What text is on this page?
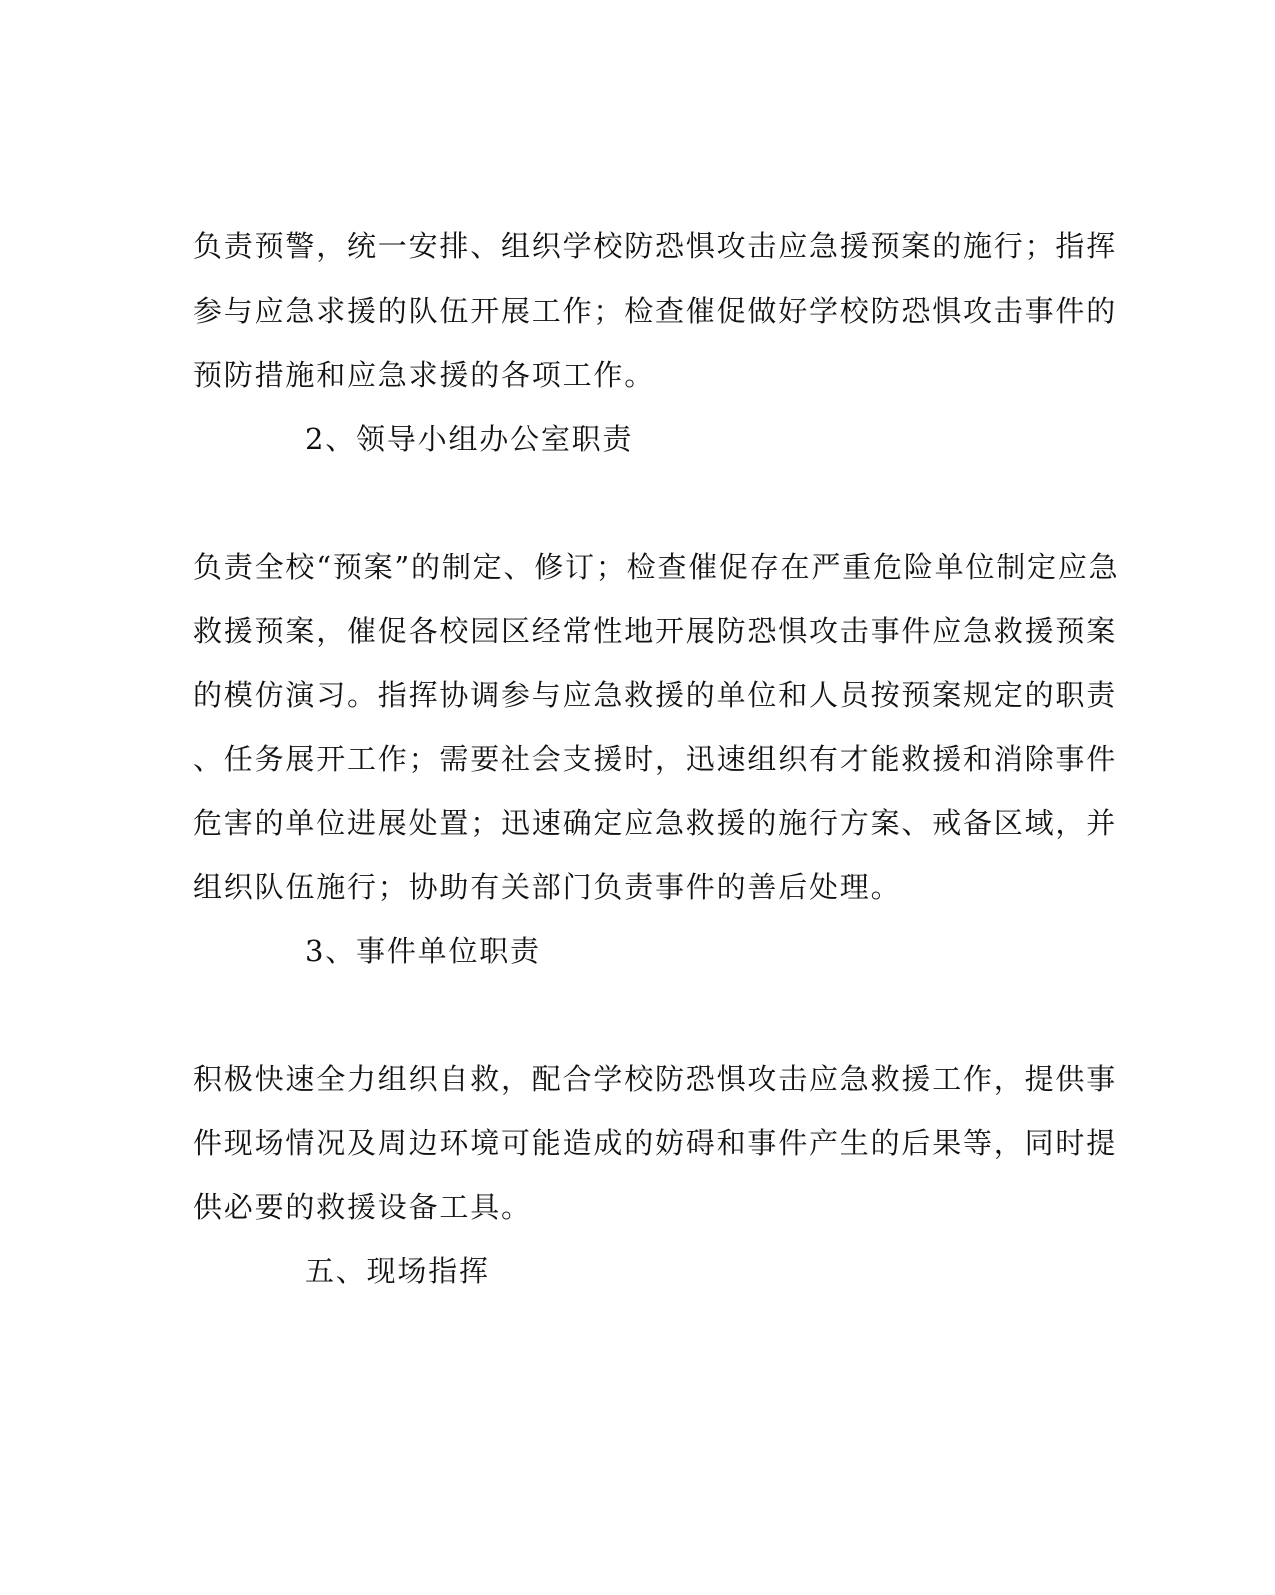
负责预警，统一安排、组织学校防恐惧攻击应急援预案的施行；指挥
参与应急求援的队伍开展工作；检查催促做好学校防恐惧攻击事件的
预防措施和应急求援的各项工作。
2、领导小组办公室职责
负责全校“预案”的制定、修订；检查催促存在严重危险单位制定应急
救援预案，催促各校园区经常性地开展防恐惧攻击事件应急救援预案
的模仿演习。指挥协调参与应急救援的单位和人员按预案规定的职责
、任务展开工作；需要社会支援时，迅速组织有才能救援和消除事件
危害的单位进展处置；迅速确定应急救援的施行方案、戒备区域，并
组织队伍施行；协助有关部门负责事件的善后处理。
3、事件单位职责
积极快速全力组织自救，配合学校防恐惧攻击应急救援工作，提供事
件现场情况及周边环境可能造成的妨碍和事件产生的后果等，同时提
供必要的救援设备工具。
五、现场指挥
